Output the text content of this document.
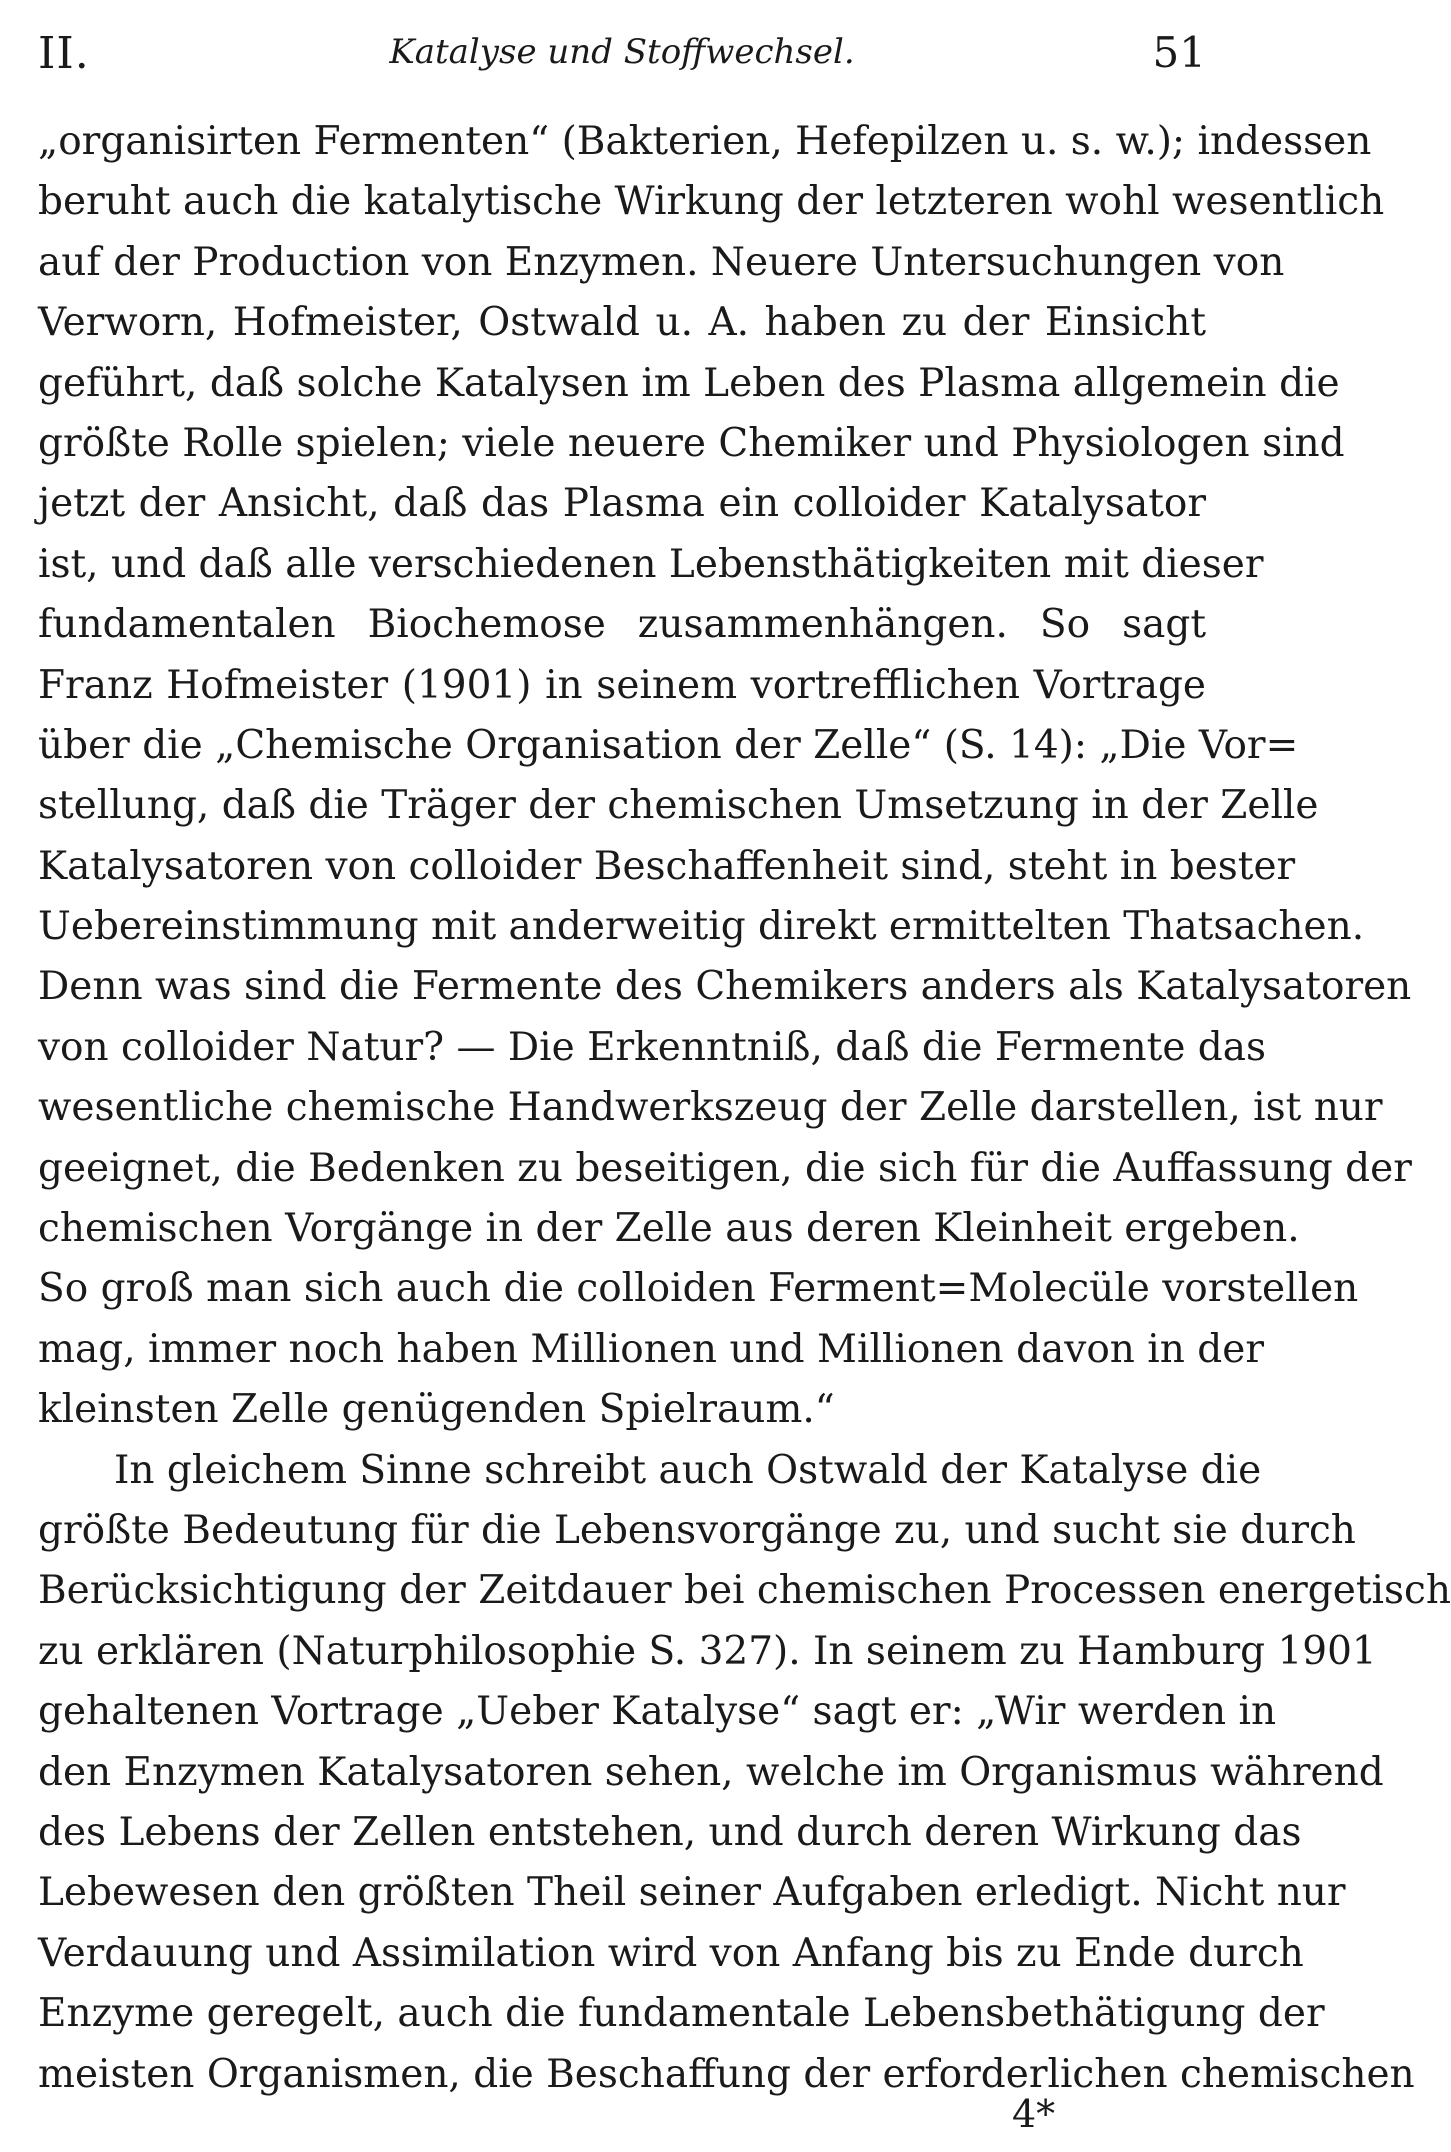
II.	Katalyse und Stoffwechsel.	51
„organisirten Fermenten“ (Bakterien, Hefepilzen u. s. w.); indessen
beruht auch die katalytische Wirkung der letzteren wohl wesentlich
auf der Production von Enzymen. Neuere Untersuchungen von
Verworn, Hofmeister, Ostwald u. A. haben zu der Einsicht
geführt, daß solche Katalysen im Leben des Plasma allgemein die
größte Rolle spielen; viele neuere Chemiker und Physiologen sind
jetzt der Ansicht, daß das Plasma ein colloider Katalysator
ist, und daß alle verschiedenen Lebensthätigkeiten mit dieser
fundamentalen Biochemose zusammenhängen. So sagt
Franz Hofmeister (1901) in seinem vortrefflichen Vortrage
über die „Chemische Organisation der Zelle“ (S. 14): „Die Vor=
stellung, daß die Träger der chemischen Umsetzung in der Zelle
Katalysatoren von colloider Beschaffenheit sind, steht in bester
Uebereinstimmung mit anderweitig direkt ermittelten Thatsachen.
Denn was sind die Fermente des Chemikers anders als Katalysatoren
von colloider Natur? — Die Erkenntniß, daß die Fermente das
wesentliche chemische Handwerkszeug der Zelle darstellen, ist nur
geeignet, die Bedenken zu beseitigen, die sich für die Auffassung der
chemischen Vorgänge in der Zelle aus deren Kleinheit ergeben.
So groß man sich auch die colloiden Ferment=Molecüle vorstellen
mag, immer noch haben Millionen und Millionen davon in der
kleinsten Zelle genügenden Spielraum.“
In gleichem Sinne schreibt auch Ostwald der Katalyse die
größte Bedeutung für die Lebensvorgänge zu, und sucht sie durch
Berücksichtigung der Zeitdauer bei chemischen Processen energetisch
zu erklären (Naturphilosophie S. 327). In seinem zu Hamburg 1901
gehaltenen Vortrage „Ueber Katalyse“ sagt er: „Wir werden in
den Enzymen Katalysatoren sehen, welche im Organismus während
des Lebens der Zellen entstehen, und durch deren Wirkung das
Lebewesen den größten Theil seiner Aufgaben erledigt. Nicht nur
Verdauung und Assimilation wird von Anfang bis zu Ende durch
Enzyme geregelt, auch die fundamentale Lebensbethätigung der
meisten Organismen, die Beschaffung der erforderlichen chemischen
4*
